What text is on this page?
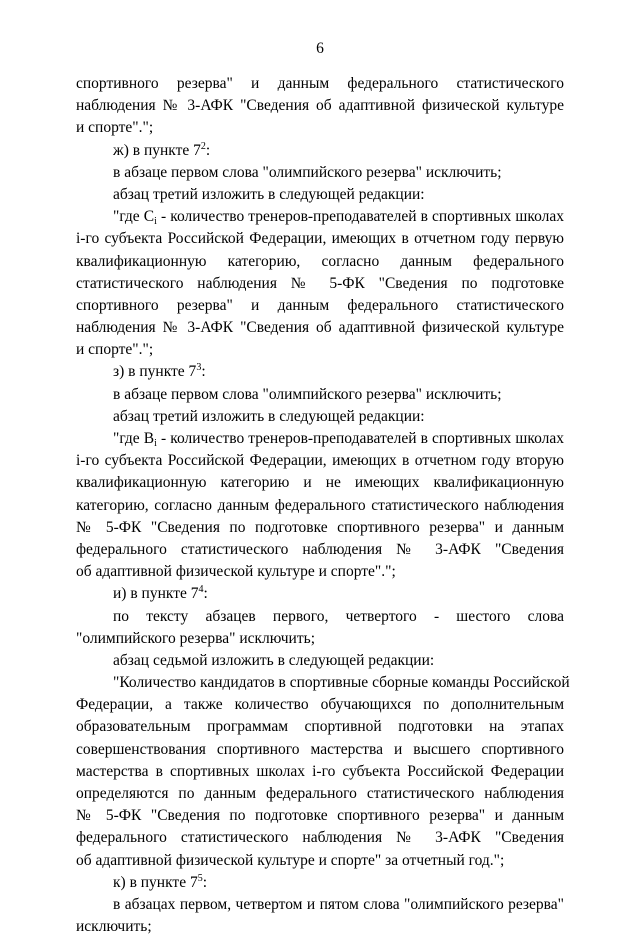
6
спортивного резерва" и данным федерального статистического
наблюдения № 3-АФК "Сведения об адаптивной физической культуре
и спорте".";
ж) в пункте $7^2$:
в абзаце первом слова "олимпийского резерва" исключить;
абзац третий изложить в следующей редакции:
"где $С_i$ - количество тренеров-преподавателей в спортивных школах
i-го субъекта Российской Федерации, имеющих в отчетном году первую
квалификационную категорию, согласно данным федерального
статистического наблюдения № 5-ФК "Сведения по подготовке
спортивного резерва" и данным федерального статистического
наблюдения № 3-АФК "Сведения об адаптивной физической культуре
и спорте".";
з) в пункте $7^3$:
в абзаце первом слова "олимпийского резерва" исключить;
абзац третий изложить в следующей редакции:
"где $В_i$ - количество тренеров-преподавателей в спортивных школах
i-го субъекта Российской Федерации, имеющих в отчетном году вторую
квалификационную категорию и не имеющих квалификационную
категорию, согласно данным федерального статистического наблюдения
№ 5-ФК "Сведения по подготовке спортивного резерва" и данным
федерального статистического наблюдения № 3-АФК "Сведения
об адаптивной физической культуре и спорте".";
и) в пункте $7^4$:
по тексту абзацев первого, четвертого - шестого слова
"олимпийского резерва" исключить;
абзац седьмой изложить в следующей редакции:
"Количество кандидатов в спортивные сборные команды Российской
Федерации, а также количество обучающихся по дополнительным
образовательным программам спортивной подготовки на этапах
совершенствования спортивного мастерства и высшего спортивного
мастерства в спортивных школах i-го субъекта Российской Федерации
определяются по данным федерального статистического наблюдения
№ 5-ФК "Сведения по подготовке спортивного резерва" и данным
федерального статистического наблюдения № 3-АФК "Сведения
об адаптивной физической культуре и спорте" за отчетный год.";
к) в пункте $7^5$:
в абзацах первом, четвертом и пятом слова "олимпийского резерва"
исключить;
